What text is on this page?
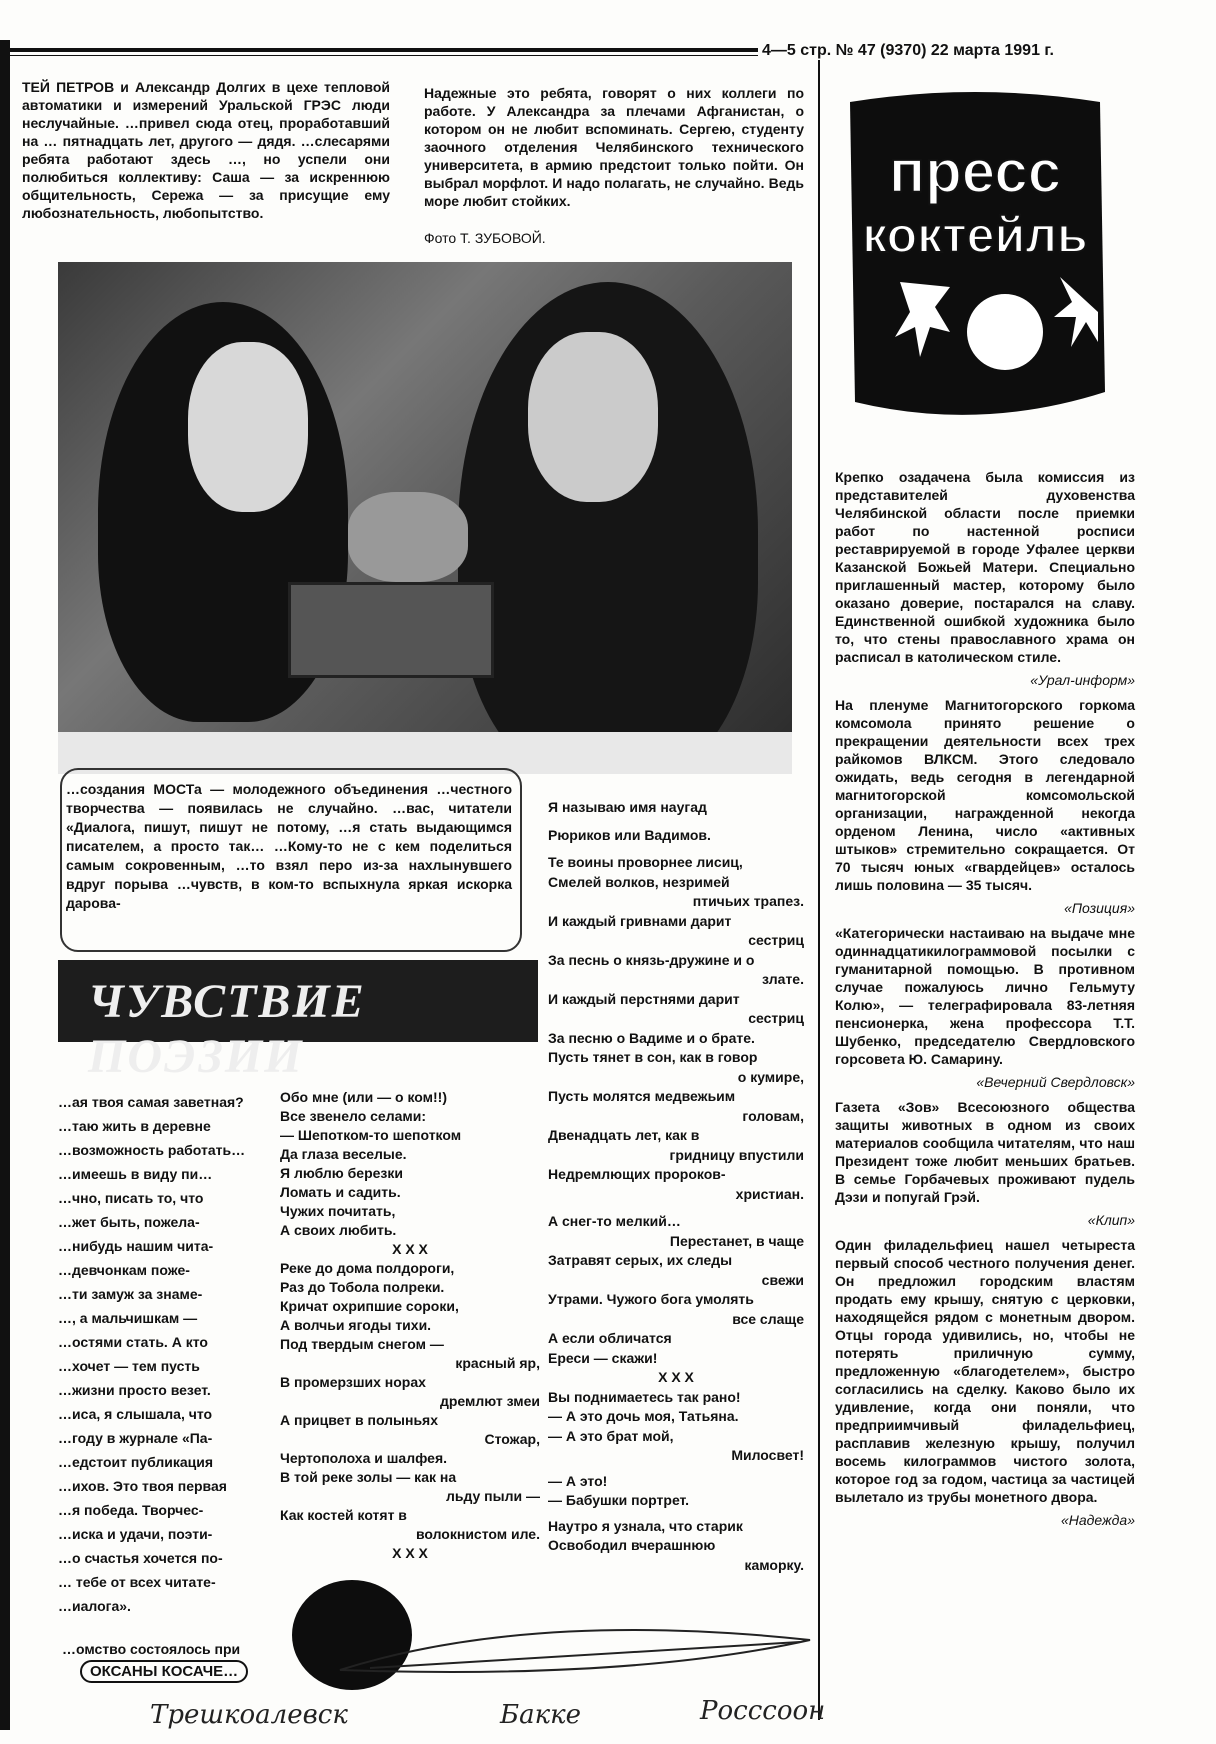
4—5 стр. № 47 (9370) 22 марта 1991 г.
ТЕЙ ПЕТРОВ и Александр Долгих в цехе тепловой автоматики и измерений Уральской ГРЭС люди неслучайные. …привел сюда отец, проработавший на … пятнадцать лет, другого — дядя. …слесарями ребята работают здесь …, но успели они полюбиться коллективу: Саша — за искреннюю общительность, Сережа — за присущие ему любознательность, любопытство.
Надежные это ребята, говорят о них коллеги по работе. У Александра за плечами Афганистан, о котором он не любит вспоминать. Сергею, студенту заочного отделения Челябинского технического университета, в армию предстоит только пойти. Он выбрал морфлот. И надо полагать, не случайно. Ведь море любит стойких.
Фото Т. ЗУБОВОЙ.
пресс
коктейль
Крепко озадачена была комиссия из представителей духовенства Челябинской области после приемки работ по настенной росписи реставрируемой в городе Уфалее церкви Казанской Божьей Матери. Специально приглашенный мастер, которому было оказано доверие, постарался на славу. Единственной ошибкой художника было то, что стены православного храма он расписал в католическом стиле.
«Урал-информ»
На пленуме Магнитогорского горкома комсомола принято решение о прекращении деятельности всех трех райкомов ВЛКСМ. Этого следовало ожидать, ведь сегодня в легендарной магнитогорской комсомольской организации, награжденной некогда орденом Ленина, число «активных штыков» стремительно сокращается. От 70 тысяч юных «гвардейцев» осталось лишь половина — 35 тысяч.
«Позиция»
«Категорически настаиваю на выдаче мне одиннадцатикилограммовой посылки с гуманитарной помощью. В противном случае пожалуюсь лично Гельмуту Колю», — телеграфировала 83-летняя пенсионерка, жена профессора Т.Т. Шубенко, председателю Свердловского горсовета Ю. Самарину.
«Вечерний Свердловск»
Газета «Зов» Всесоюзного общества защиты животных в одном из своих материалов сообщила читателям, что наш Президент тоже любит меньших братьев. В семье Горбачевых проживают пудель Дэзи и попугай Грэй.
«Клип»
Один филадельфиец нашел четыреста первый способ честного получения денег. Он предложил городским властям продать ему крышу, снятую с церковки, находящейся рядом с монетным двором. Отцы города удивились, но, чтобы не потерять приличную сумму, предложенную «благодетелем», быстро согласились на сделку. Каково было их удивление, когда они поняли, что предприимчивый филадельфиец, расплавив железную крышу, получил восемь килограммов чистого золота, которое год за годом, частица за частицей вылетало из трубы монетного двора.
«Надежда»
…создания МОСТа — молодежного объединения …честного творчества — появилась не случайно. …вас, читатели «Диалога, пишут, пишут не потому, …я стать выдающимся писателем, а просто так… …Кому-то не с кем поделиться самым сокровенным, …то взял перо из-за нахлынувшего вдруг порыва …чувств, в ком-то вспыхнула яркая искорка дарова-
ЧУВСТВИЕ ПОЭЗИИ
…ая твоя самая заветная?
…таю жить в деревне
…возможность работать…
…имеешь в виду пи…
…чно, писать то, что
…жет быть, пожела-
…нибудь нашим чита-
…девчонкам поже-
…ти замуж за знаме-
…, а мальчишкам —
…остями стать. А кто
…хочет — тем пусть
…жизни просто везет.
…иса, я слышала, что
…году в журнале «Па-
…едстоит публикация
…ихов. Это твоя первая
…я победа. Творчес-
…иска и удачи, поэти-
…о счастья хочется по-
… тебе от всех читате-
…иалога».
…омство состоялось при
ОКСАНЫ КОСАЧЕ…
Обо мне (или — о ком!!)
Все звенело селами:
— Шепотком-то шепотком
Да глаза веселые.
Я люблю березки
Ломать и садить.
Чужих почитать,
А своих любить.
Х Х Х
Реке до дома полдороги,
Раз до Тобола полреки.
Кричат охрипшие сороки,
А волчьи ягоды тихи.
Под твердым снегом —
красный яр,
В промерзших норах
дремлют змеи
А прицвет в полыньях
Стожар,
Чертополоха и шалфея.
В той реке золы — как на
льду пыли —
Как костей котят в
волокнистом иле.
Х Х Х
Я называю имя наугад
Рюриков или Вадимов.
Те воины проворнее лисиц,
Смелей волков, незримей
птичьих трапез.
И каждый гривнами дарит
сестриц
За песнь о князь-дружине и о
злате.
И каждый перстнями дарит
сестриц
За песню о Вадиме и о брате.
Пусть тянет в сон, как в говор
о кумире,
Пусть молятся медвежьим
головам,
Двенадцать лет, как в
гридницу впустили
Недремлющих пророков-
христиан.
А снег-то мелкий…
Перестанет, в чаще
Затравят серых, их следы
свежи
Утрами. Чужого бога умолять
все слаще
А если обличатся
Ереси — скажи!
Х Х Х
Вы поднимаетесь так рано!
— А это дочь моя, Татьяна.
— А это брат мой,
Милосвет!
— А это!
— Бабушки портрет.
Наутро я узнала, что старик
Освободил вчерашнюю
каморку.
Трешкоалевск	Бакке	Росссоон
